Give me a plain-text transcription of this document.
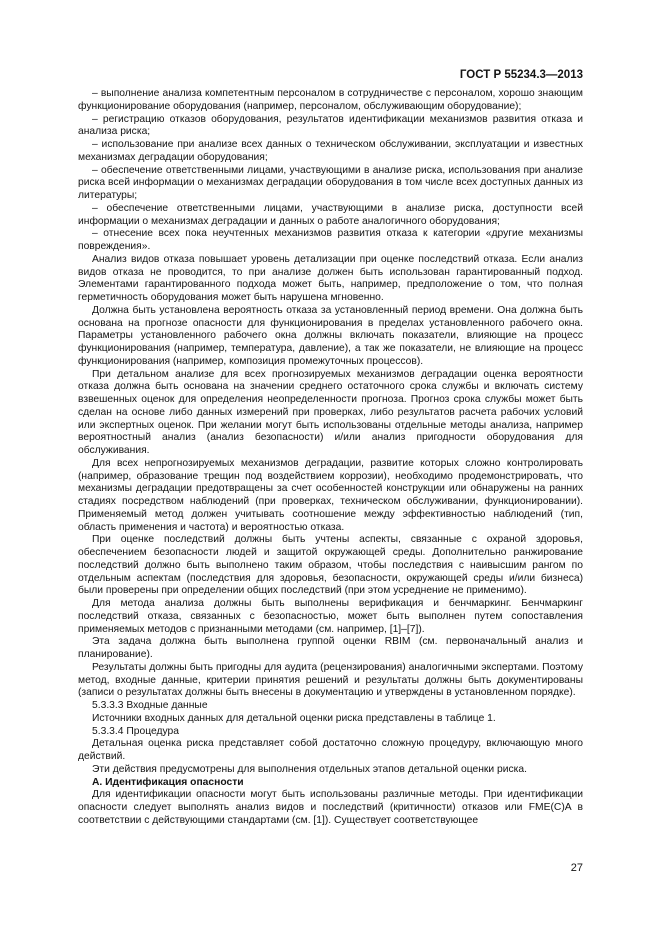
ГОСТ Р 55234.3—2013

– выполнение анализа компетентным персоналом в сотрудничестве с персоналом, хорошо знающим функционирование оборудования (например, персоналом, обслуживающим оборудование);

– регистрацию отказов оборудования, результатов идентификации механизмов развития отказа и анализа риска;

– использование при анализе всех данных о техническом обслуживании, эксплуатации и известных механизмах деградации оборудования;

– обеспечение ответственными лицами, участвующими в анализе риска, использования при анализе риска всей информации о механизмах деградации оборудования в том числе всех доступных данных из литературы;

– обеспечение ответственными лицами, участвующими в анализе риска, доступности всей информации о механизмах деградации и данных о работе аналогичного оборудования;

– отнесение всех пока неучтенных механизмов развития отказа к категории «другие механизмы повреждения».

Анализ видов отказа повышает уровень детализации при оценке последствий отказа. Если анализ видов отказа не проводится, то при анализе должен быть использован гарантированный подход. Элементами гарантированного подхода может быть, например, предположение о том, что полная герметичность оборудования может быть нарушена мгновенно.

Должна быть установлена вероятность отказа за установленный период времени. Она должна быть основана на прогнозе опасности для функционирования в пределах установленного рабочего окна. Параметры установленного рабочего окна должны включать показатели, влияющие на процесс функционирования (например, температура, давление), а так же показатели, не влияющие на процесс функционирования (например, композиция промежуточных процессов).

При детальном анализе для всех прогнозируемых механизмов деградации оценка вероятности отказа должна быть основана на значении среднего остаточного срока службы и включать систему взвешенных оценок для определения неопределенности прогноза. Прогноз срока службы может быть сделан на основе либо данных измерений при проверках, либо результатов расчета рабочих условий или экспертных оценок. При желании могут быть использованы отдельные методы анализа, например вероятностный анализ (анализ безопасности) и/или анализ пригодности оборудования для обслуживания.

Для всех непрогнозируемых механизмов деградации, развитие которых сложно контролировать (например, образование трещин под воздействием коррозии), необходимо продемонстрировать, что механизмы деградации предотвращены за счет особенностей конструкции или обнаружены на ранних стадиях посредством наблюдений (при проверках, техническом обслуживании, функционировании). Применяемый метод должен учитывать соотношение между эффективностью наблюдений (тип, область применения и частота) и вероятностью отказа.

При оценке последствий должны быть учтены аспекты, связанные с охраной здоровья, обеспечением безопасности людей и защитой окружающей среды. Дополнительно ранжирование последствий должно быть выполнено таким образом, чтобы последствия с наивысшим рангом по отдельным аспектам (последствия для здоровья, безопасности, окружающей среды и/или бизнеса) были проверены при определении общих последствий (при этом усреднение не применимо).

Для метода анализа должны быть выполнены верификация и бенчмаркинг. Бенчмаркинг последствий отказа, связанных с безопасностью, может быть выполнен путем сопоставления применяемых методов с признанными методами (см. например, [1]–[7]).

Эта задача должна быть выполнена группой оценки RBIM (см. первоначальный анализ и планирование).

Результаты должны быть пригодны для аудита (рецензирования) аналогичными экспертами. Поэтому метод, входные данные, критерии принятия решений и результаты должны быть документированы (записи о результатах должны быть внесены в документацию и утверждены в установленном порядке).

5.3.3.3 Входные данные

Источники входных данных для детальной оценки риска представлены в таблице 1.

5.3.3.4 Процедура

Детальная оценка риска представляет собой достаточно сложную процедуру, включающую много действий.

Эти действия предусмотрены для выполнения отдельных этапов детальной оценки риска.

А. Идентификация опасности

Для идентификации опасности могут быть использованы различные методы. При идентификации опасности следует выполнять анализ видов и последствий (критичности) отказов или FME(C)A в соответствии с действующими стандартами (см. [1]). Существует соответствующее

27
